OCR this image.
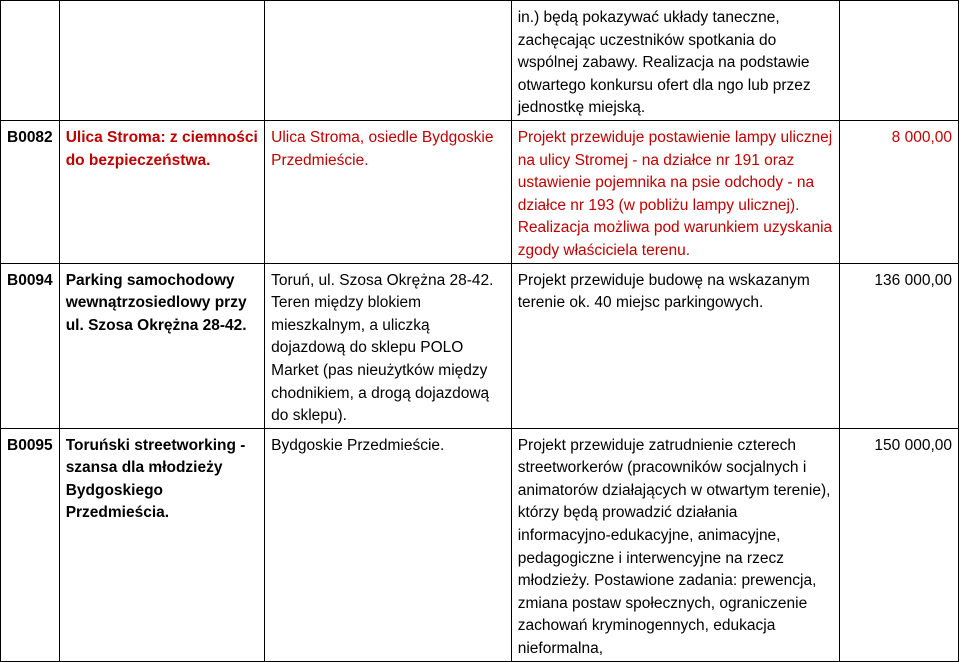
			in.) będą pokazywać układy taneczne, zachęcając uczestników spotkania do wspólnej zabawy. Realizacja na podstawie otwartego konkursu ofert dla ngo lub przez jednostkę miejską.	
B0082	Ulica Stroma: z ciemności do bezpieczeństwa.	Ulica Stroma, osiedle Bydgoskie Przedmieście.	Projekt przewiduje postawienie lampy ulicznej na ulicy Stromej - na działce nr 191 oraz ustawienie pojemnika na psie odchody - na działce nr 193 (w pobliżu lampy ulicznej). Realizacja możliwa pod warunkiem uzyskania zgody właściciela terenu.	8 000,00
B0094	Parking samochodowy wewnątrzosiedlowy przy ul. Szosa Okrężna 28-42.	Toruń, ul. Szosa Okrężna 28-42. Teren między blokiem mieszkalnym, a uliczką dojazdową do sklepu POLO Market (pas nieużytków między chodnikiem, a drogą dojazdową do sklepu).	Projekt przewiduje budowę na wskazanym terenie ok. 40 miejsc parkingowych.	136 000,00
B0095	Toruński streetworking - szansa dla młodzieży Bydgoskiego Przedmieścia.	Bydgoskie Przedmieście.	Projekt przewiduje zatrudnienie czterech streetworkerów (pracowników socjalnych i animatorów działających w otwartym terenie), którzy będą prowadzić działania informacyjno-edukacyjne, animacyjne, pedagogiczne i interwencyjne na rzecz młodzieży. Postawione zadania: prewencja, zmiana postaw społecznych, ograniczenie zachowań kryminogennych, edukacja nieformalna,	150 000,00
